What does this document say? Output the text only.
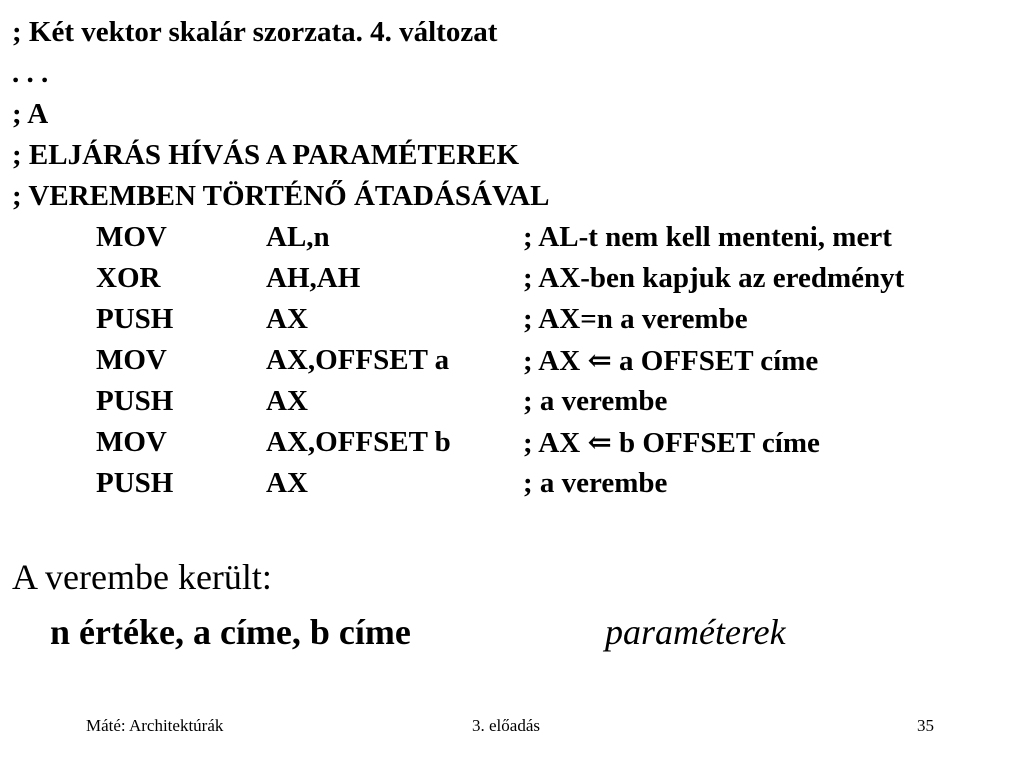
; Két vektor skalár szorzata. 4. változat
. . .
; A
; ELJÁRÁS HÍVÁS A PARAMÉTEREK
; VEREMBEN TÖRTÉNŐ ÁTADÁSÁVAL
MOV	AL,n	; AL-t nem kell menteni, mert
XOR	AH,AH	; AX-ben kapjuk az eredményt
PUSH	AX	; AX=n a verembe
MOV	AX,OFFSET a	; AX ⇐ a OFFSET címe
PUSH	AX	; a verembe
MOV	AX,OFFSET b ; AX ⇐ b OFFSET címe
PUSH	AX	; a verembe
A verembe került:
n értéke, a címe, b címe	paraméterek
Máté: Architektúrák	3. előadás	35
